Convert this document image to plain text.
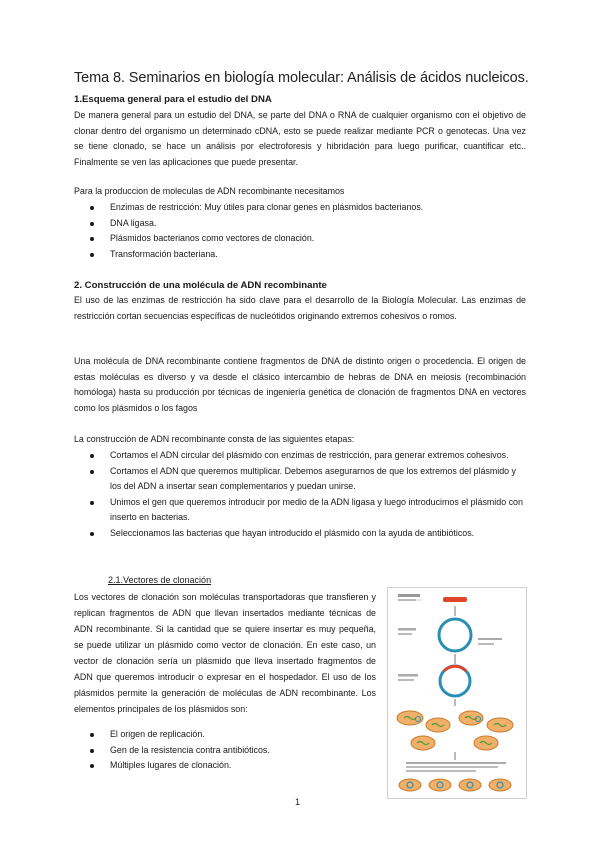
Tema 8. Seminarios en biología molecular: Análisis de ácidos nucleicos.
1.Esquema general para el estudio del DNA

De manera general para un estudio del DNA, se parte del DNA o RNA de cualquier organismo con el objetivo de clonar dentro del organismo un determinado cDNA, esto se puede realizar mediante PCR o genotecas. Una vez se tiene clonado, se hace un análisis por electroforesis y hibridación para luego purificar, cuantificar etc.. Finalmente se ven las aplicaciones que puede presentar.

Para la produccion de moleculas de ADN recombinante necesitamos

Enzimas de restricción: Muy útiles para clonar genes en plásmidos bacterianos.
DNA ligasa.
Plásmidos bacterianos como vectores de clonación.
Transformación bacteriana.
2. Construcción de una molécula de ADN recombinante

El uso de las enzimas de restricción ha sido clave para el desarrollo de la Biología Molecular. Las enzimas de restricción cortan secuencias específicas de nucleótidos originando extremos cohesivos o romos.

Una molécula de DNA recombinante contiene fragmentos de DNA de distinto origen o procedencia. El origen de estas moléculas es diverso y va desde el clásico intercambio de hebras de DNA en meiosis (recombinación homóloga) hasta su producción por técnicas de ingeniería genética de clonación de fragmentos DNA en vectores como los plásmidos o los fagos

La construcción de ADN recombinante consta de las siguientes etapas:

Cortamos el ADN circular del plásmido con enzimas de restricción, para generar extremos cohesivos.
Cortamos el ADN que queremos multiplicar. Debemos asegurarnos de que los extremos del plásmido y los del ADN a insertar sean complementarios y puedan unirse.
Unimos el gen que queremos introducir por medio de la ADN ligasa y luego introducimos el plásmido con inserto en bacterias.
Seleccionamos las bacterias que hayan introducido el plásmido con la ayuda de antibióticos.
2.1.Vectores de clonación

Los vectores de clonación son moléculas transportadoras que transfieren y replican fragmentos de ADN que llevan insertados mediante técnicas de ADN recombinante. Si la cantidad que se quiere insertar es muy pequeña, se puede utilizar un plásmido como vector de clonación. En este caso, un vector de clonación sería un plásmido que lleva insertado fragmentos de ADN que queremos introducir o expresar en el hospedador. El uso de los plásmidos permite la generación de moléculas de ADN recombinante. Los elementos principales de los plásmidos son:

El origen de replicación.
Gen de la resistencia contra antibióticos.
Múltiples lugares de clonación.
1
